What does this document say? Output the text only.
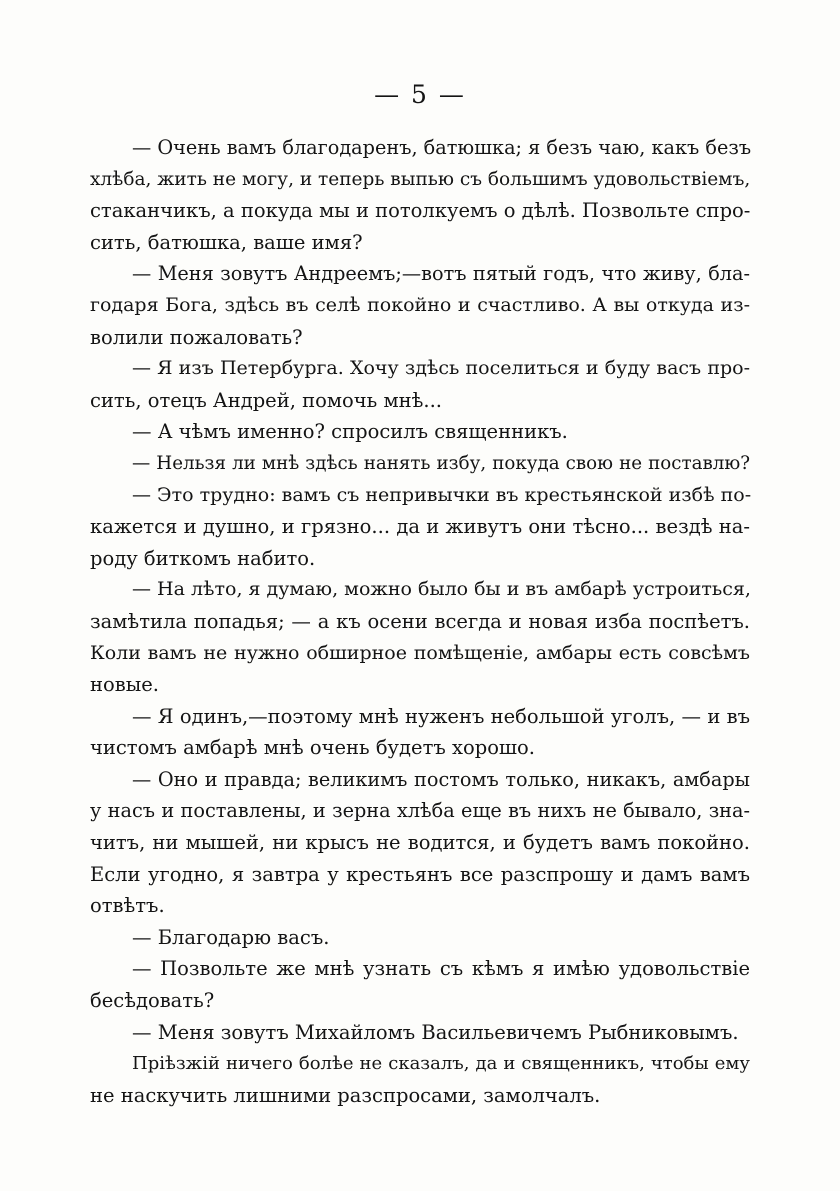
— 5 —
— Очень вамъ благодаренъ, батюшка; я безъ чаю, какъ безъ
хлѣба, жить не могу, и теперь выпью съ большимъ удовольствіемъ,
стаканчикъ, а покуда мы и потолкуемъ о дѣлѣ. Позвольте спро-
сить, батюшка, ваше имя?
— Меня зовутъ Андреемъ;—вотъ пятый годъ, что живу, бла-
годаря Бога, здѣсь въ селѣ покойно и счастливо. А вы откуда из-
волили пожаловать?
— Я изъ Петербурга. Хочу здѣсь поселиться и буду васъ про-
сить, отецъ Андрей, помочь мнѣ...
— А чѣмъ именно? спросилъ священникъ.
— Нельзя ли мнѣ здѣсь нанять избу, покуда свою не поставлю?
— Это трудно: вамъ съ непривычки въ крестьянской избѣ по-
кажется и душно, и грязно... да и живутъ они тѣсно... вездѣ на-
роду биткомъ набито.
— На лѣто, я думаю, можно было бы и въ амбарѣ устроиться,
замѣтила попадья; — а къ осени всегда и новая изба поспѣетъ.
Коли вамъ не нужно обширное помѣщеніе, амбары есть совсѣмъ
новые.
— Я одинъ,—поэтому мнѣ нуженъ небольшой уголъ, — и въ
чистомъ амбарѣ мнѣ очень будетъ хорошо.
— Оно и правда; великимъ постомъ только, никакъ, амбары
у насъ и поставлены, и зерна хлѣба еще въ нихъ не бывало, зна-
читъ, ни мышей, ни крысъ не водится, и будетъ вамъ покойно.
Если угодно, я завтра у крестьянъ все разспрошу и дамъ вамъ
отвѣтъ.
— Благодарю васъ.
— Позвольте же мнѣ узнать съ кѣмъ я имѣю удовольствіе
бесѣдовать?
— Меня зовутъ Михайломъ Васильевичемъ Рыбниковымъ.
Пріѣзжій ничего болѣе не сказалъ, да и священникъ, чтобы ему
не наскучить лишними разспросами, замолчалъ.
